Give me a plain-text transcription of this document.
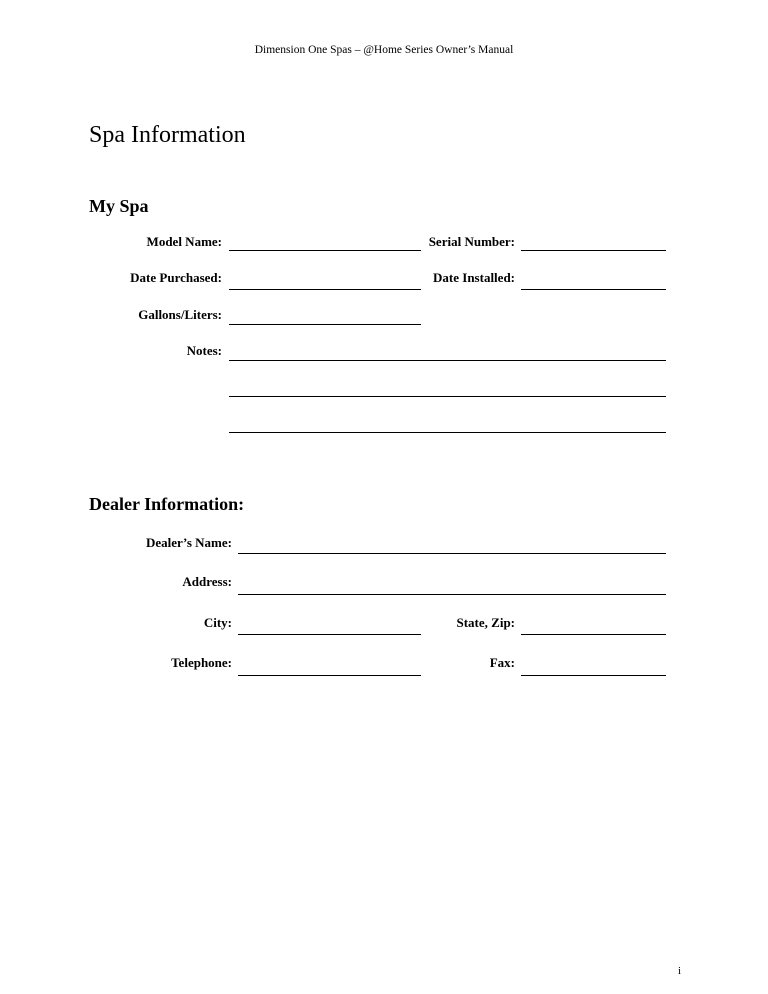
Dimension One Spas – @Home Series Owner’s Manual
Spa Information
My Spa
Model Name:	Serial Number:
Date Purchased:	Date Installed:
Gallons/Liters:
Notes:
Dealer Information:
Dealer’s Name:
Address:
City:	State, Zip:
Telephone:	Fax:
i
